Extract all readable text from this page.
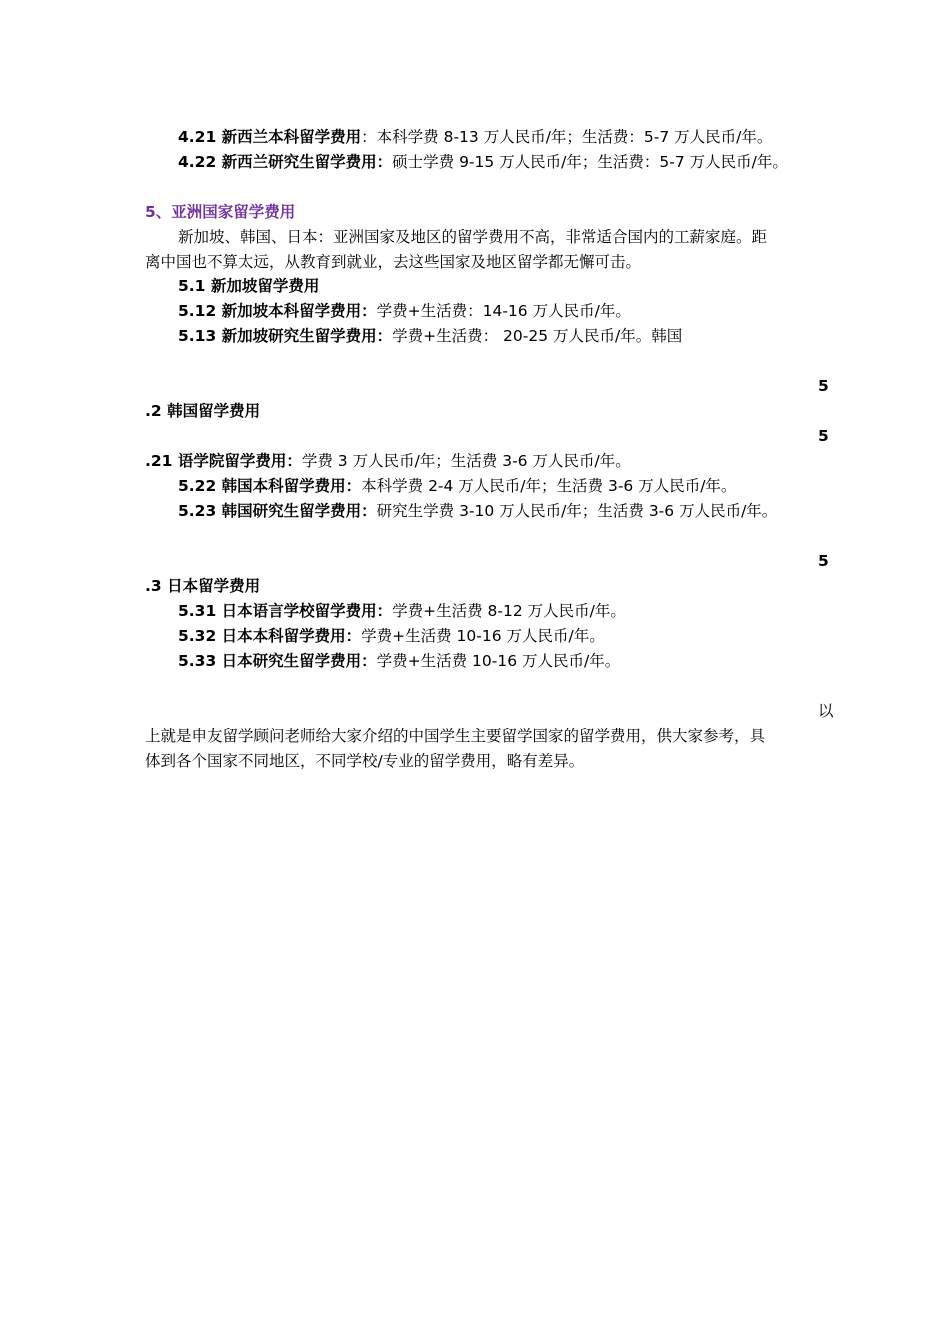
4.21 新西兰本科留学费用：本科学费 8-13 万人民币/年；生活费：5-7 万人民币/年。
4.22 新西兰研究生留学费用：硕士学费 9-15 万人民币/年；生活费：5-7 万人民币/年。
5、亚洲国家留学费用
新加坡、韩国、日本：亚洲国家及地区的留学费用不高，非常适合国内的工薪家庭。距
离中国也不算太远，从教育到就业，去这些国家及地区留学都无懈可击。
5.1 新加坡留学费用
5.12 新加坡本科留学费用：学费+生活费：14-16 万人民币/年。
5.13 新加坡研究生留学费用：学费+生活费： 20-25 万人民币/年。韩国
5
.2 韩国留学费用
5
.21 语学院留学费用：学费 3 万人民币/年；生活费 3-6 万人民币/年。
5.22 韩国本科留学费用：本科学费 2-4 万人民币/年；生活费 3-6 万人民币/年。
5.23 韩国研究生留学费用：研究生学费 3-10 万人民币/年；生活费 3-6 万人民币/年。
5
.3 日本留学费用
5.31 日本语言学校留学费用：学费+生活费 8-12 万人民币/年。
5.32 日本本科留学费用：学费+生活费 10-16 万人民币/年。
5.33 日本研究生留学费用：学费+生活费 10-16 万人民币/年。
以
上就是申友留学顾问老师给大家介绍的中国学生主要留学国家的留学费用，供大家参考，具
体到各个国家不同地区，不同学校/专业的留学费用，略有差异。
